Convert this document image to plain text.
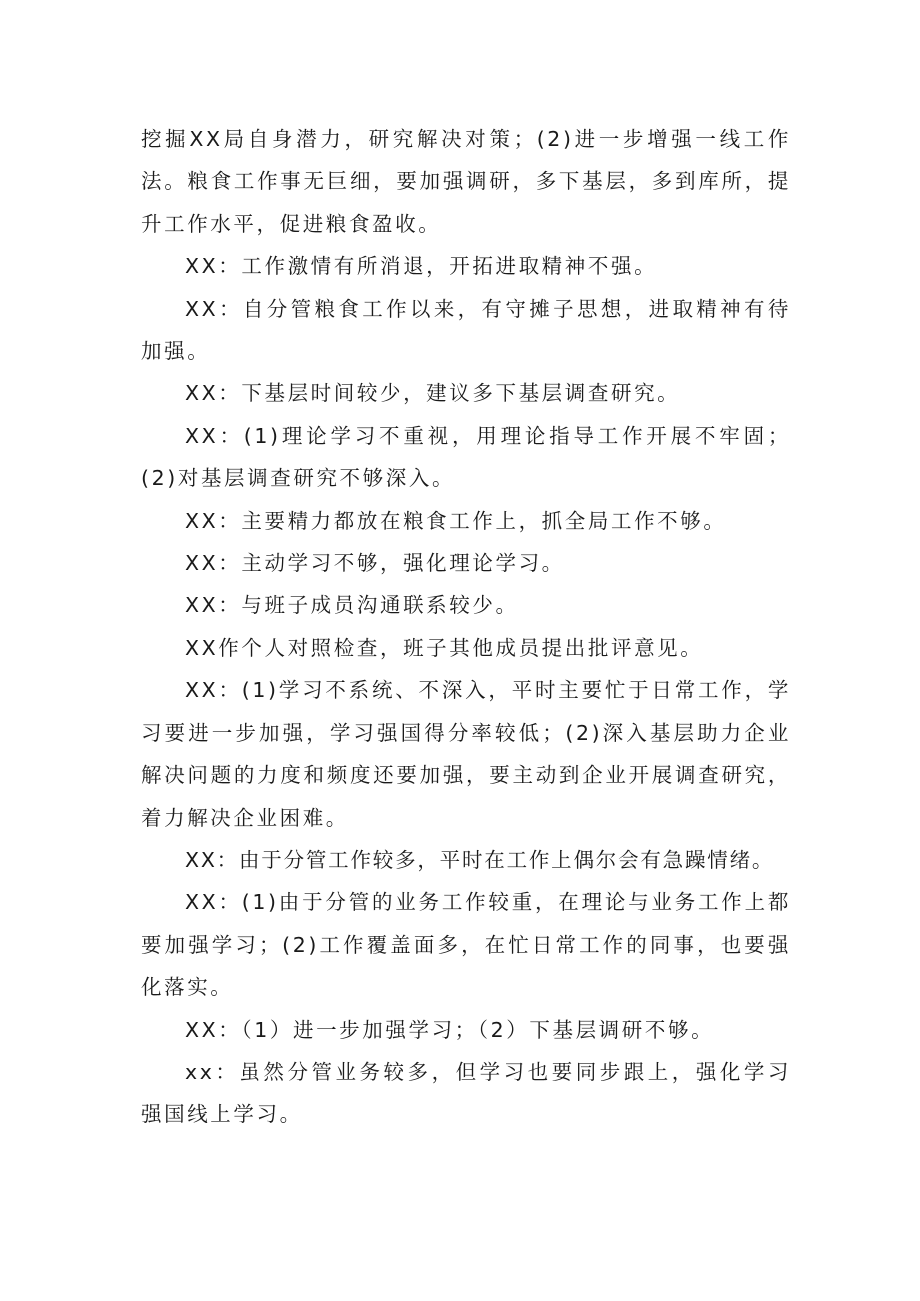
挖掘XX局自身潜力，研究解决对策；(2)进一步增强一线工作法。粮食工作事无巨细，要加强调研，多下基层，多到库所，提升工作水平，促进粮食盈收。

XX：工作激情有所消退，开拓进取精神不强。

XX：自分管粮食工作以来，有守摊子思想，进取精神有待加强。

XX：下基层时间较少，建议多下基层调查研究。

XX：(1)理论学习不重视，用理论指导工作开展不牢固；(2)对基层调查研究不够深入。

XX：主要精力都放在粮食工作上，抓全局工作不够。

XX：主动学习不够，强化理论学习。

XX：与班子成员沟通联系较少。

XX作个人对照检查，班子其他成员提出批评意见。

XX：(1)学习不系统、不深入，平时主要忙于日常工作，学习要进一步加强，学习强国得分率较低；(2)深入基层助力企业解决问题的力度和频度还要加强，要主动到企业开展调查研究，着力解决企业困难。

XX：由于分管工作较多，平时在工作上偶尔会有急躁情绪。

XX：(1)由于分管的业务工作较重，在理论与业务工作上都要加强学习；(2)工作覆盖面多，在忙日常工作的同事，也要强化落实。

XX：（1）进一步加强学习；（2）下基层调研不够。

xx：虽然分管业务较多，但学习也要同步跟上，强化学习强国线上学习。
